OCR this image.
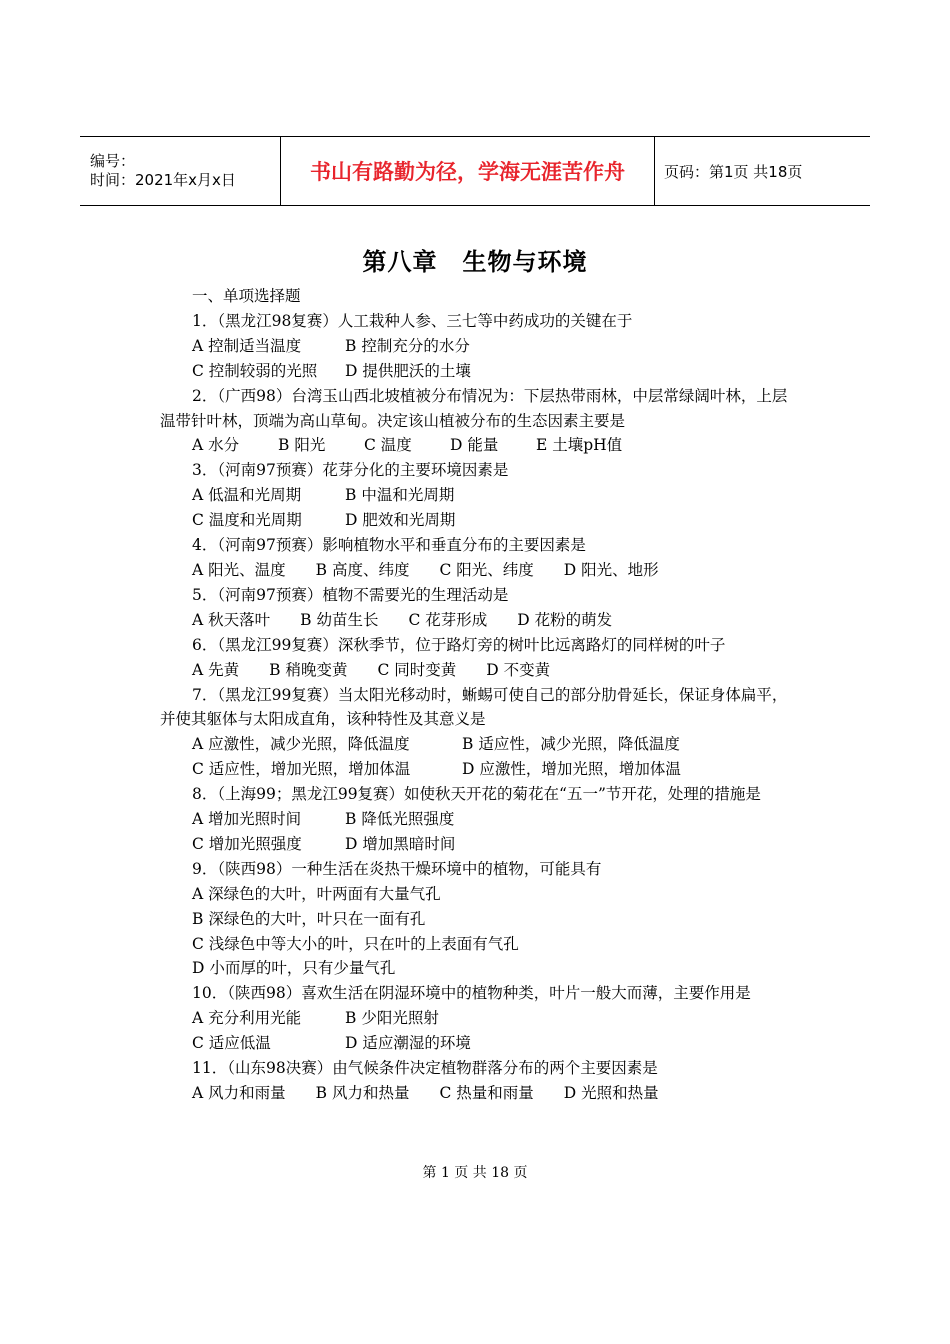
编号：
时间：2021年x月x日	书山有路勤为径，学海无涯苦作舟	页码：第1页 共18页
第八章　生物与环境
一、单项选择题
1．（黑龙江98复赛）人工栽种人参、三七等中药成功的关键在于
A 控制适当温度	B 控制充分的水分
C 控制较弱的光照 D 提供肥沃的土壤
2．（广西98）台湾玉山西北坡植被分布情况为：下层热带雨林，中层常绿阔叶林，上层温带针叶林，顶端为高山草甸。决定该山植被分布的生态因素主要是
A 水分	B 阳光 C 温度 D 能量 E 土壤pH值
3．（河南97预赛）花芽分化的主要环境因素是
A 低温和光周期	B 中温和光周期
C 温度和光周期	D 肥效和光周期
4．（河南97预赛）影响植物水平和垂直分布的主要因素是
A 阳光、温度 B 高度、纬度 C 阳光、纬度 D 阳光、地形
5．（河南97预赛）植物不需要光的生理活动是
A 秋天落叶 B 幼苗生长 C 花芽形成 D 花粉的萌发
6．（黑龙江99复赛）深秋季节，位于路灯旁的树叶比远离路灯的同样树的叶子
A 先黄 B 稍晚变黄 C 同时变黄 D 不变黄
7．（黑龙江99复赛）当太阳光移动时，蜥蜴可使自己的部分肋骨延长，保证身体扁平，并使其躯体与太阳成直角，该种特性及其意义是
A 应激性，减少光照，降低温度	B 适应性，减少光照，降低温度
C 适应性，增加光照，增加体温	D 应激性，增加光照，增加体温
8．（上海99；黑龙江99复赛）如使秋天开花的菊花在“五一”节开花，处理的措施是
A 增加光照时间	B 降低光照强度
C 增加光照强度	D 增加黑暗时间
9．（陕西98）一种生活在炎热干燥环境中的植物，可能具有
A 深绿色的大叶，叶两面有大量气孔
B 深绿色的大叶，叶只在一面有孔
C 浅绿色中等大小的叶，只在叶的上表面有气孔
D 小而厚的叶，只有少量气孔
10．（陕西98）喜欢生活在阴湿环境中的植物种类，叶片一般大而薄，主要作用是
A 充分利用光能	B 少阳光照射
C 适应低温	D 适应潮湿的环境
11．（山东98决赛）由气候条件决定植物群落分布的两个主要因素是
A 风力和雨量 B 风力和热量 C 热量和雨量 D 光照和热量
第 1 页 共 18 页
